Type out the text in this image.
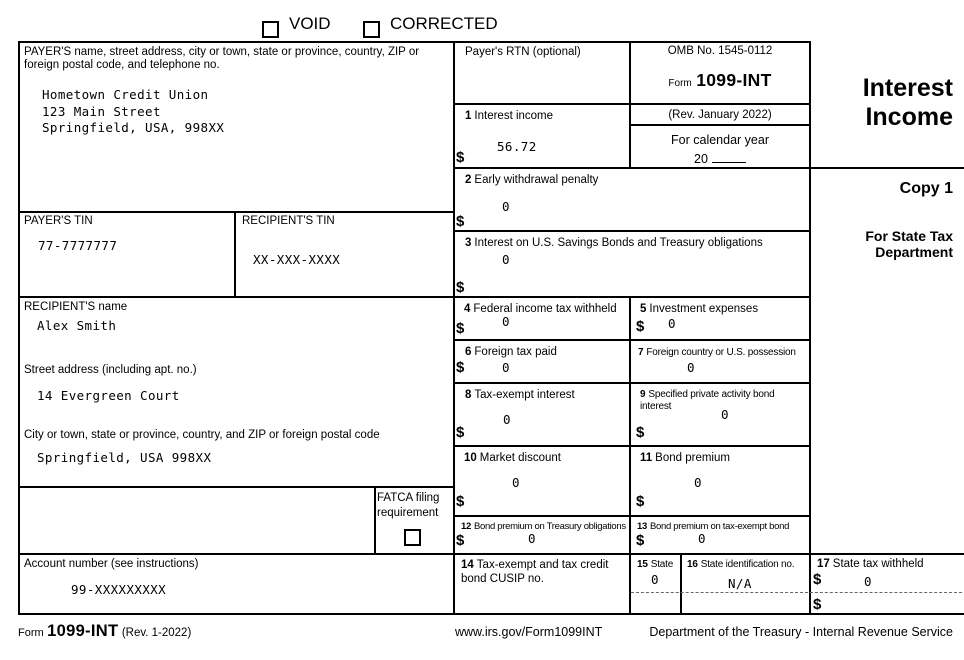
VOID	CORRECTED
PAYER'S name, street address, city or town, state or province, country, ZIP or foreign postal code, and telephone no.
Hometown Credit Union
123 Main Street
Springfield, USA, 998XX
PAYER'S TIN
77-7777777
RECIPIENT'S TIN
XX-XXX-XXXX
RECIPIENT'S name
Alex Smith
Street address (including apt. no.)
14 Evergreen Court
City or town, state or province, country, and ZIP or foreign postal code
Springfield, USA 998XX
FATCA filing
requirement
Account number (see instructions)
99-XXXXXXXXX
Payer's RTN (optional)	OMB No. 1545-0112
Form 1099-INT
(Rev. January 2022)
For calendar year
20
Interest
Income
Copy 1
For State Tax
Department
1 Interest income
56.72
$
2 Early withdrawal penalty
0
$
3 Interest on U.S. Savings Bonds and Treasury obligations
0
$
4 Federal income tax withheld
0
$
5 Investment expenses
0
$
6 Foreign tax paid
0
$
7 Foreign country or U.S. possession
0
8 Tax-exempt interest
0
$
9 Specified private activity bond interest
0
$
10 Market discount
0
$
11 Bond premium
0
$
12 Bond premium on Treasury obligations
0
$
13 Bond premium on tax-exempt bond
0
$
14 Tax-exempt and tax credit bond CUSIP no.
15 State
0
16 State identification no.
N/A
17 State tax withheld
$	0
$
Form 1099-INT (Rev. 1-2022)	www.irs.gov/Form1099INT	Department of the Treasury - Internal Revenue Service
